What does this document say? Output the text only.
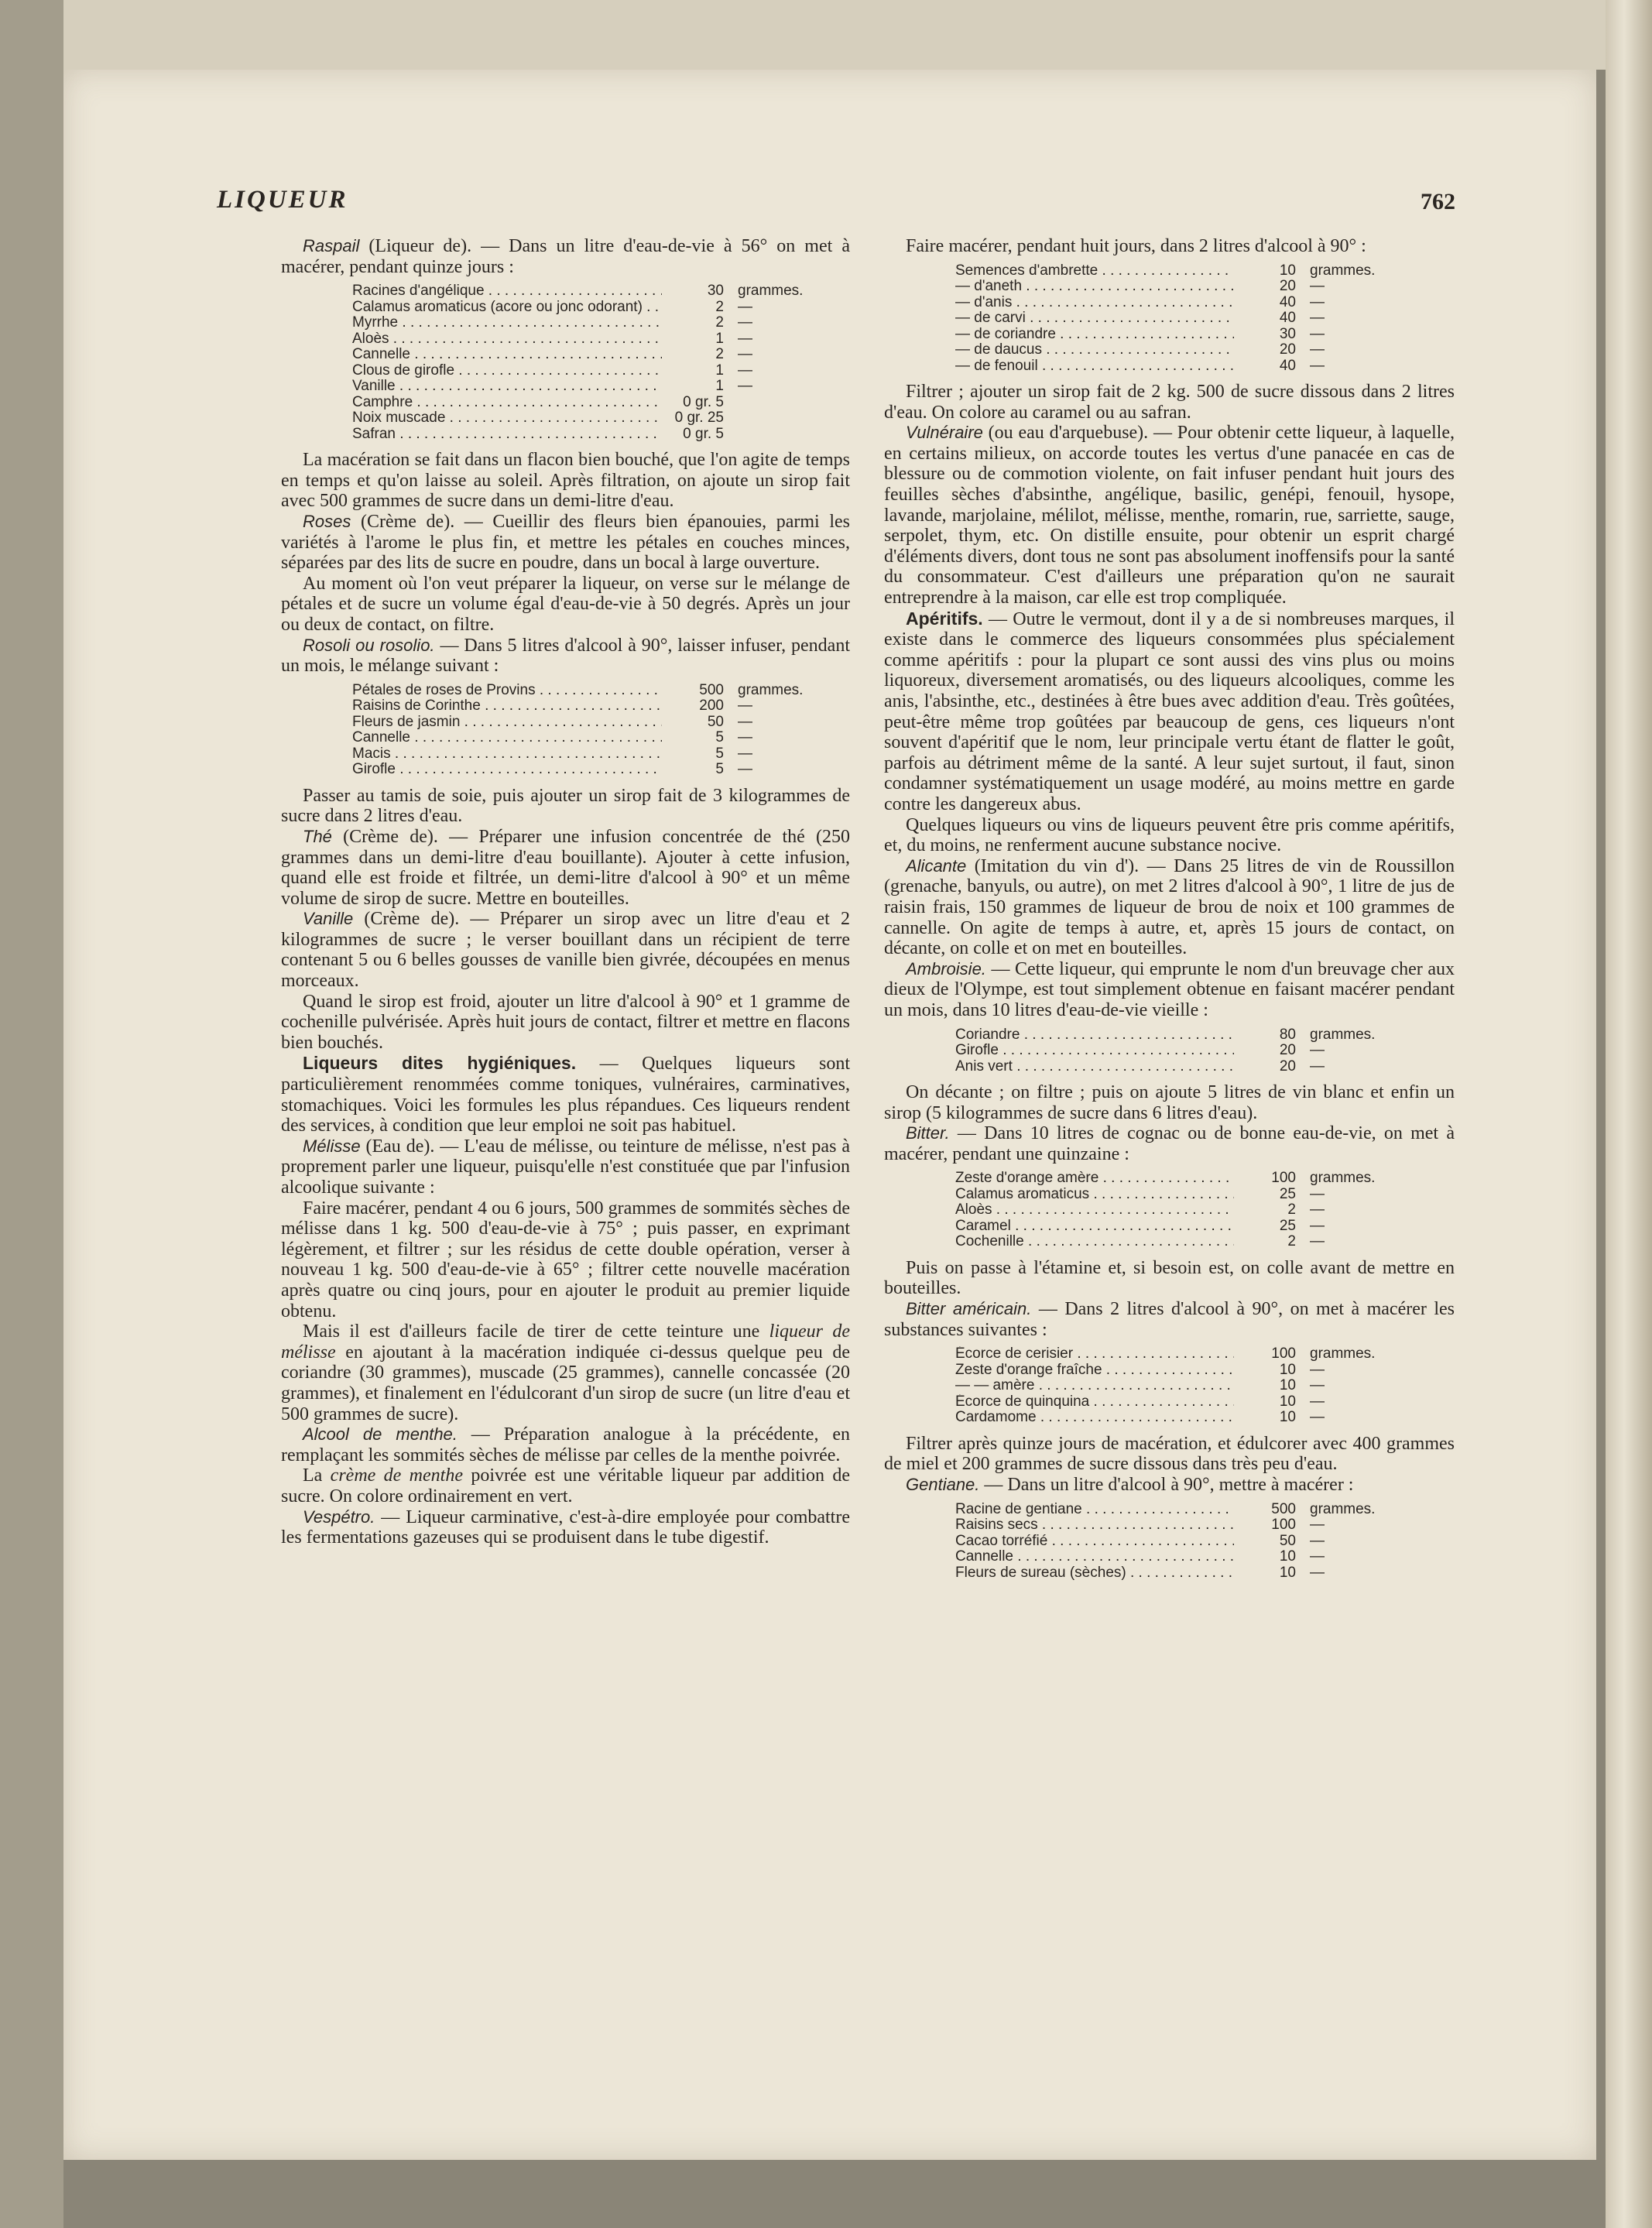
LIQUEUR	762

Raspail (Liqueur de). — Dans un litre d'eau-de-vie à 56° on met à macérer, pendant quinze jours :

Racines d'angélique . . .	30 grammes.
Calamus aromaticus (acore ou jonc odorant) . . .	2 —
Myrrhe . . .	2 —
Aloès . . .	1 —
Cannelle . . .	2 —
Clous de girofle . . .	1 —
Vanille . . .	1 —
Camphre . . .	0 gr. 5
Noix muscade . . .	0 gr. 25
Safran . . .	0 gr. 5

La macération se fait dans un flacon bien bouché, que l'on agite de temps en temps et qu'on laisse au soleil. Après filtration, on ajoute un sirop fait avec 500 grammes de sucre dans un demi-litre d'eau.

Roses (Crème de). — Cueillir des fleurs bien épanouies, parmi les variétés à l'arome le plus fin, et mettre les pétales en couches minces, séparées par des lits de sucre en poudre, dans un bocal à large ouverture.

Au moment où l'on veut préparer la liqueur, on verse sur le mélange de pétales et de sucre un volume égal d'eau-de-vie à 50 degrés. Après un jour ou deux de contact, on filtre.

Rosoli ou rosolio. — Dans 5 litres d'alcool à 90°, laisser infuser, pendant un mois, le mélange suivant :

Pétales de roses de Provins . . .	500 grammes.
Raisins de Corinthe . . .	200 —
Fleurs de jasmin . . .	50 —
Cannelle . . .	5 —
Macis . . .	5 —
Girofle . . .	5 —

Passer au tamis de soie, puis ajouter un sirop fait de 3 kilogrammes de sucre dans 2 litres d'eau.

Thé (Crème de). — Préparer une infusion concentrée de thé (250 grammes dans un demi-litre d'eau bouillante). Ajouter à cette infusion, quand elle est froide et filtrée, un demi-litre d'alcool à 90° et un même volume de sirop de sucre. Mettre en bouteilles.

Vanille (Crème de). — Préparer un sirop avec un litre d'eau et 2 kilogrammes de sucre ; le verser bouillant dans un récipient de terre contenant 5 ou 6 belles gousses de vanille bien givrée, découpées en menus morceaux.

Quand le sirop est froid, ajouter un litre d'alcool à 90° et 1 gramme de cochenille pulvérisée. Après huit jours de contact, filtrer et mettre en flacons bien bouchés.

Liqueurs dites hygiéniques. — Quelques liqueurs sont particulièrement renommées comme toniques, vulnéraires, carminatives, stomachiques. Voici les formules les plus répandues. Ces liqueurs rendent des services, à condition que leur emploi ne soit pas habituel.

Mélisse (Eau de). — L'eau de mélisse, ou teinture de mélisse, n'est pas à proprement parler une liqueur, puisqu'elle n'est constituée que par l'infusion alcoolique suivante :

Faire macérer, pendant 4 ou 6 jours, 500 grammes de sommités sèches de mélisse dans 1 kg. 500 d'eau-de-vie à 75° ; puis passer, en exprimant légèrement, et filtrer ; sur les résidus de cette double opération, verser à nouveau 1 kg. 500 d'eau-de-vie à 65° ; filtrer cette nouvelle macération après quatre ou cinq jours, pour en ajouter le produit au premier liquide obtenu.

Mais il est d'ailleurs facile de tirer de cette teinture une liqueur de mélisse en ajoutant à la macération indiquée ci-dessus quelque peu de coriandre (30 grammes), muscade (25 grammes), cannelle concassée (20 grammes), et finalement en l'édulcorant d'un sirop de sucre (un litre d'eau et 500 grammes de sucre).

Alcool de menthe. — Préparation analogue à la précédente, en remplaçant les sommités sèches de mélisse par celles de la menthe poivrée.

La crème de menthe poivrée est une véritable liqueur par addition de sucre. On colore ordinairement en vert.

Vespétro. — Liqueur carminative, c'est-à-dire employée pour combattre les fermentations gazeuses qui se produisent dans le tube digestif.

Faire macérer, pendant huit jours, dans 2 litres d'alcool à 90° :

Semences d'ambrette . . .	10 grammes.
— d'aneth . . .	20 —
— d'anis . . .	40 —
— de carvi . . .	40 —
— de coriandre . . .	30 —
— de daucus . . .	20 —
— de fenouil . . .	40 —

Filtrer ; ajouter un sirop fait de 2 kg. 500 de sucre dissous dans 2 litres d'eau. On colore au caramel ou au safran.

Vulnéraire (ou eau d'arquebuse). — Pour obtenir cette liqueur, à laquelle, en certains milieux, on accorde toutes les vertus d'une panacée en cas de blessure ou de commotion violente, on fait infuser pendant huit jours des feuilles sèches d'absinthe, angélique, basilic, genépi, fenouil, hysope, lavande, marjolaine, mélilot, mélisse, menthe, romarin, rue, sarriette, sauge, serpolet, thym, etc. On distille ensuite, pour obtenir un esprit chargé d'éléments divers, dont tous ne sont pas absolument inoffensifs pour la santé du consommateur. C'est d'ailleurs une préparation qu'on ne saurait entreprendre à la maison, car elle est trop compliquée.

Apéritifs. — Outre le vermout, dont il y a de si nombreuses marques, il existe dans le commerce des liqueurs consommées plus spécialement comme apéritifs : pour la plupart ce sont aussi des vins plus ou moins liquoreux, diversement aromatisés, ou des liqueurs alcooliques, comme les anis, l'absinthe, etc., destinées à être bues avec addition d'eau. Très goûtées, peut-être même trop goûtées par beaucoup de gens, ces liqueurs n'ont souvent d'apéritif que le nom, leur principale vertu étant de flatter le goût, parfois au détriment même de la santé. A leur sujet surtout, il faut, sinon condamner systématiquement un usage modéré, au moins mettre en garde contre les dangereux abus.

Quelques liqueurs ou vins de liqueurs peuvent être pris comme apéritifs, et, du moins, ne renferment aucune substance nocive.

Alicante (Imitation du vin d'). — Dans 25 litres de vin de Roussillon (grenache, banyuls, ou autre), on met 2 litres d'alcool à 90°, 1 litre de jus de raisin frais, 150 grammes de liqueur de brou de noix et 100 grammes de cannelle. On agite de temps à autre, et, après 15 jours de contact, on décante, on colle et on met en bouteilles.

Ambroisie. — Cette liqueur, qui emprunte le nom d'un breuvage cher aux dieux de l'Olympe, est tout simplement obtenue en faisant macérer pendant un mois, dans 10 litres d'eau-de-vie vieille :

Coriandre . . .	80 grammes.
Girofle . . .	20 —
Anis vert . . .	20 —

On décante ; on filtre ; puis on ajoute 5 litres de vin blanc et enfin un sirop (5 kilogrammes de sucre dans 6 litres d'eau).

Bitter. — Dans 10 litres de cognac ou de bonne eau-de-vie, on met à macérer, pendant une quinzaine :

Zeste d'orange amère . . .	100 grammes.
Calamus aromaticus . . .	25 —
Aloès . . .	2 —
Caramel . . .	25 —
Cochenille . . .	2 —

Puis on passe à l'étamine et, si besoin est, on colle avant de mettre en bouteilles.

Bitter américain. — Dans 2 litres d'alcool à 90°, on met à macérer les substances suivantes :

Écorce de cerisier . . .	100 grammes.
Zeste d'orange fraîche . . .	10 —
— — amère . . .	10 —
Écorce de quinquina . . .	10 —
Cardamome . . .	10 —

Filtrer après quinze jours de macération, et édulcorer avec 400 grammes de miel et 200 grammes de sucre dissous dans très peu d'eau.

Gentiane. — Dans un litre d'alcool à 90°, mettre à macérer :

Racine de gentiane . . .	500 grammes.
Raisins secs . . .	100 —
Cacao torréfié . . .	50 —
Cannelle . . .	10 —
Fleurs de sureau (sèches) . . .	10 —
